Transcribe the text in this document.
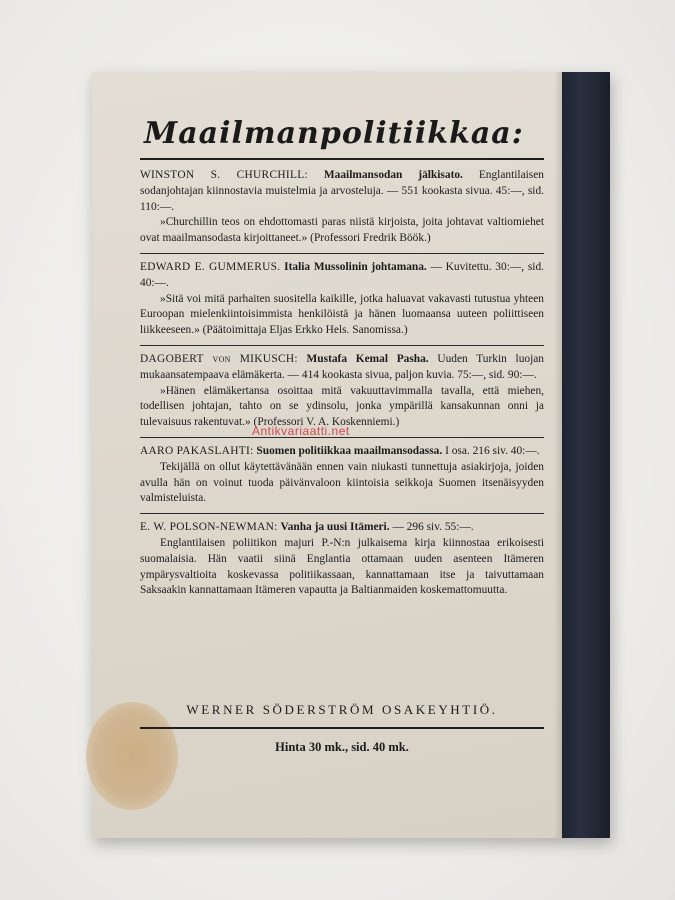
Maailmanpolitiikkaa:

WINSTON S. CHURCHILL: Maailmansodan jälkisato. Englantilaisen sodanjohtajan kiinnostavia muistelmia ja arvosteluja. — 551 kookasta sivua. 45:—, sid. 110:—.

»Churchillin teos on ehdottomasti paras niistä kirjoista, joita johtavat valtiomiehet ovat maailmansodasta kirjoittaneet.» (Professori Fredrik Böök.)

EDWARD E. GUMMERUS. Italia Mussolinin johtamana. — Kuvitettu. 30:—, sid. 40:—.

»Sitä voi mitä parhaiten suositella kaikille, jotka haluavat vakavasti tutustua yhteen Euroopan mielenkiintoisimmista henkilöistä ja hänen luomaansa uuteen poliittiseen liikkeeseen.» (Päätoimittaja Eljas Erkko Hels. Sanomissa.)

DAGOBERT von MIKUSCH: Mustafa Kemal Pasha. Uuden Turkin luojan mukaansatempaava elämäkerta. — 414 kookasta sivua, paljon kuvia. 75:—, sid. 90:—.

»Hänen elämäkertansa osoittaa mitä vakuuttavimmalla tavalla, että miehen, todellisen johtajan, tahto on se ydinsolu, jonka ympärillä kansakunnan onni ja tulevaisuus rakentuvat.» (Professori V. A. Koskenniemi.)

AARO PAKASLAHTI: Suomen politiikkaa maailmansodassa. I osa. 216 siv. 40:—.

Tekijällä on ollut käytettävänään ennen vain niukasti tunnettuja asiakirjoja, joiden avulla hän on voinut tuoda päivänvaloon kiintoisia seikkoja Suomen itsenäisyyden valmisteluista.

E. W. POLSON-NEWMAN: Vanha ja uusi Itämeri. — 296 siv. 55:—.

Englantilaisen poliitikon majuri P.-N:n julkaisema kirja kiinnostaa erikoisesti suomalaisia. Hän vaatii siinä Englantia ottamaan uuden asenteen Itämeren ympärysvaltioita koskevassa politiikassaan, kannattamaan itse ja taivuttamaan Saksaakin kannattamaan Itämeren vapautta ja Baltianmaiden koskemattomuutta.

WERNER SÖDERSTRÖM OSAKEYHTIÖ.
Hinta 30 mk., sid. 40 mk.
Antikvariaatti.net
